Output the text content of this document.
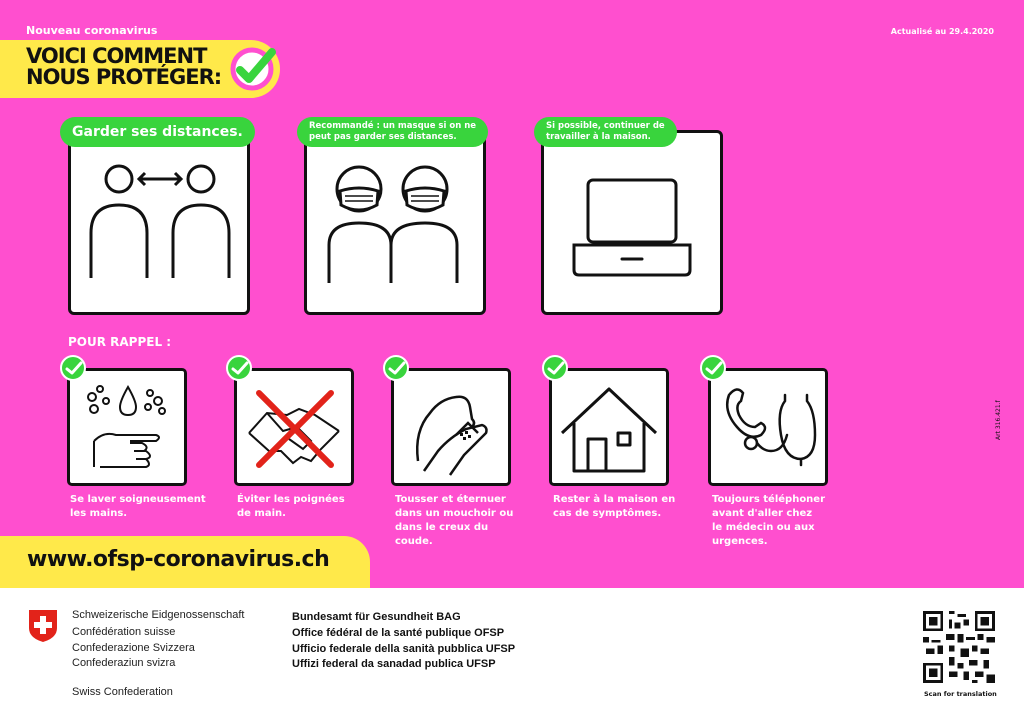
Nouveau coronavirus	Actualisé au 29.4.2020
VOICI COMMENT
NOUS PROTÉGER:
Garder ses distances.	Recommandé : un masque si on ne
peut pas garder ses distances.
Si possible, continuer de
travailler à la maison.
POUR RAPPEL :
Se laver soigneusement
les mains.
Éviter les poignées
de main.
Tousser et éternuer
dans un mouchoir ou
dans le creux du
coude.
Rester à la maison en
cas de symptômes.
Toujours téléphoner
avant d'aller chez
le médecin ou aux
urgences.
Art 316.421.f
www.ofsp-coronavirus.ch
Schweizerische Eidgenossenschaft
Confédération suisse
Confederazione Svizzera
Confederaziun svizra
Swiss Confederation
Bundesamt für Gesundheit BAG
Office fédéral de la santé publique OFSP
Ufficio federale della sanità pubblica UFSP
Uffizi federal da sanadad publica UFSP
Scan for translation
